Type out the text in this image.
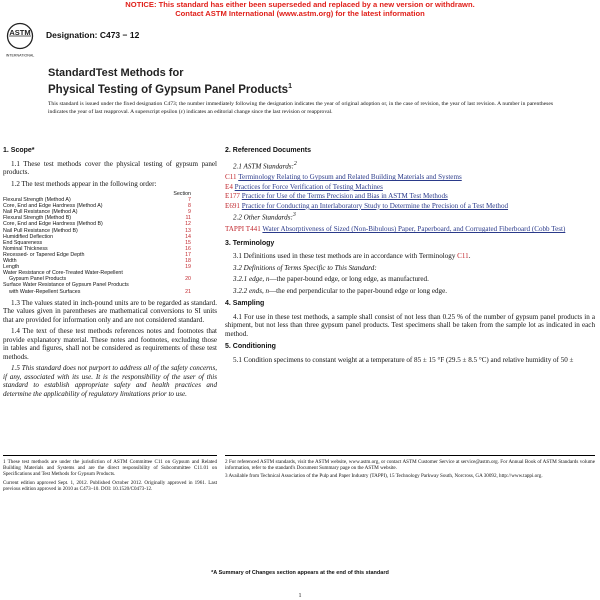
NOTICE: This standard has either been superseded and replaced by a new version or withdrawn.
Contact ASTM International (www.astm.org) for the latest information
ASTM
INTERNATIONAL
Designation: C473 − 12
StandardTest Methods for
Physical Testing of Gypsum Panel Products$^1$
This standard is issued under the fixed designation C473; the number immediately following the designation indicates the year of original adoption or, in the case of revision, the year of last revision. A number in parentheses indicates the year of last reapproval. A superscript epsilon (ε) indicates an editorial change since the last revision or reapproval.
1. Scope*

1.1 These test methods cover the physical testing of gypsum panel products.

1.2 The test methods appear in the following order:

Section
Flexural Strength (Method A)	7
Core, End and Edge Hardness (Method A)	8
Nail Pull Resistance (Method A)	9
Flexural Strength (Method B)	11
Core, End and Edge Hardness (Method B)	12
Nail Pull Resistance (Method B)	13
Humidified Deflection	14
End Squareness	15
Nominal Thickness	16
Recessed- or Tapered Edge Depth	17
Width	18
Length	19
Water Resistance of Core-Treated Water-Repellent
Gypsum Panel Products	20
Surface Water Resistance of Gypsum Panel Products
with Water-Repellent Surfaces	21

1.3 The values stated in inch-pound units are to be regarded as standard. The values given in parentheses are mathematical conversions to SI units that are provided for information only and are not considered standard.

1.4 The text of these test methods references notes and footnotes that provide explanatory material. These notes and footnotes, excluding those in tables and figures, shall not be considered as requirements of these test methods.

1.5 This standard does not purport to address all of the safety concerns, if any, associated with its use. It is the responsibility of the user of this standard to establish appropriate safety and health practices and determine the applicability of regulatory limitations prior to use.

2. Referenced Documents

2.1 ASTM Standards:$^2$

C11 Terminology Relating to Gypsum and Related Building Materials and Systems

E4 Practices for Force Verification of Testing Machines

E177 Practice for Use of the Terms Precision and Bias in ASTM Test Methods

E691 Practice for Conducting an Interlaboratory Study to Determine the Precision of a Test Method

2.2 Other Standards:$^3$

TAPPI T441 Water Absorptiveness of Sized (Non-Bibulous) Paper, Paperboard, and Corrugated Fiberboard (Cobb Test)

3. Terminology

3.1 Definitions used in these test methods are in accordance with Terminology C11.

3.2 Definitions of Terms Specific to This Standard:

3.2.1 edge, n—the paper-bound edge, or long edge, as manufactured.

3.2.2 ends, n—the end perpendicular to the paper-bound edge or long edge.

4. Sampling

4.1 For use in these test methods, a sample shall consist of not less than 0.25 % of the number of gypsum panel products in a shipment, but not less than three gypsum panel products. Test specimens shall be taken from the sample lot as indicated in each method.

5. Conditioning

5.1 Condition specimens to constant weight at a temperature of 85 ± 15 °F (29.5 ± 8.5 °C) and relative humidity of 50 ±

1 These test methods are under the jurisdiction of ASTM Committee C11 on Gypsum and Related Building Materials and Systems and are the direct responsibility of Subcommittee C11.01 on Specifications and Test Methods for Gypsum Products.

Current edition approved Sept. 1, 2012. Published October 2012. Originally approved in 1961. Last previous edition approved in 2010 as C473–10. DOI: 10.1520/C0473-12.

2 For referenced ASTM standards, visit the ASTM website, www.astm.org, or contact ASTM Customer Service at service@astm.org. For Annual Book of ASTM Standards volume information, refer to the standard's Document Summary page on the ASTM website.

3 Available from Technical Association of the Pulp and Paper Industry (TAPPI), 15 Technology Parkway South, Norcross, GA 30092, http://www.tappi.org.

*A Summary of Changes section appears at the end of this standard
1
